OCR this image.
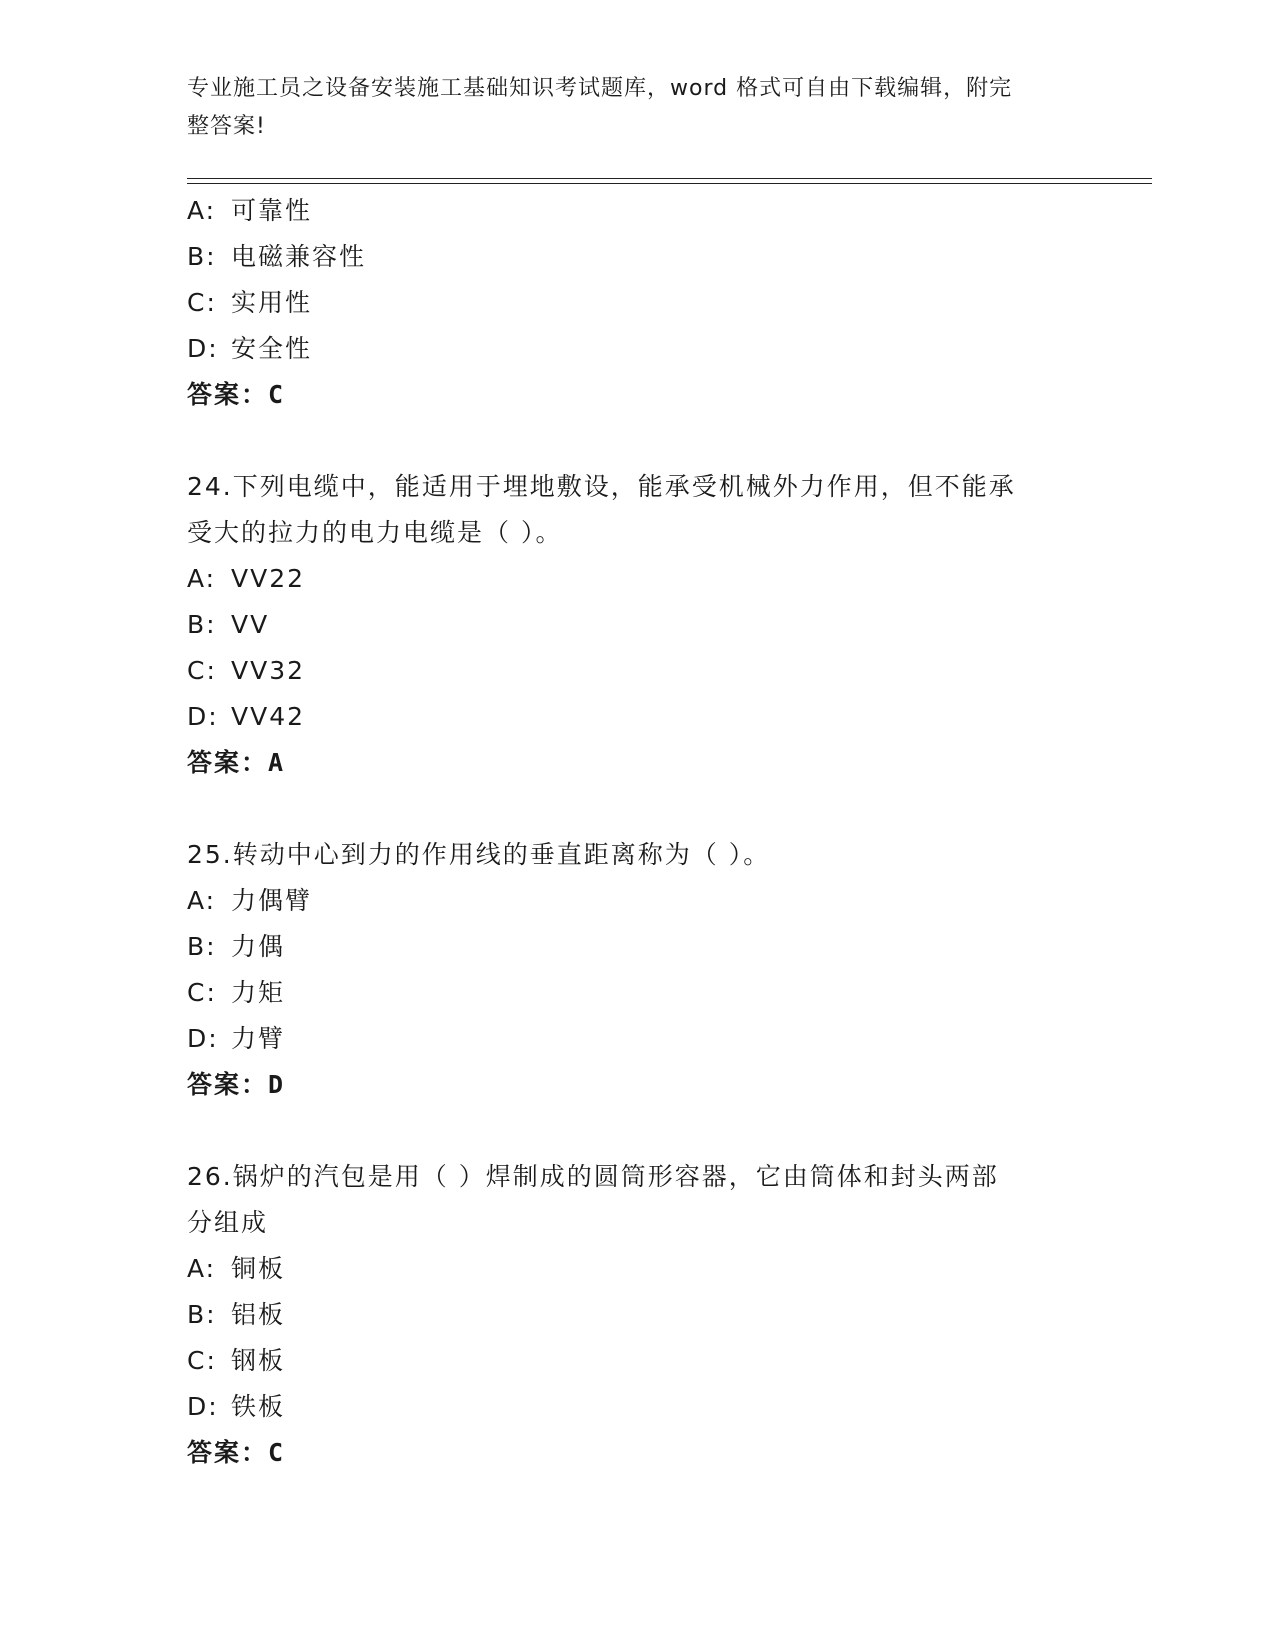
专业施工员之设备安装施工基础知识考试题库，word 格式可自由下载编辑，附完
整答案!
A: 可靠性
B: 电磁兼容性
C: 实用性
D: 安全性
答案：C
24.下列电缆中，能适用于埋地敷设，能承受机械外力作用，但不能承
受大的拉力的电力电缆是（ ）。
A: VV22
B: VV
C: VV32
D: VV42
答案：A
25.转动中心到力的作用线的垂直距离称为（ ）。
A: 力偶臂
B: 力偶
C: 力矩
D: 力臂
答案：D
26.锅炉的汽包是用（ ）焊制成的圆筒形容器，它由筒体和封头两部
分组成
A: 铜板
B: 铝板
C: 钢板
D: 铁板
答案：C
